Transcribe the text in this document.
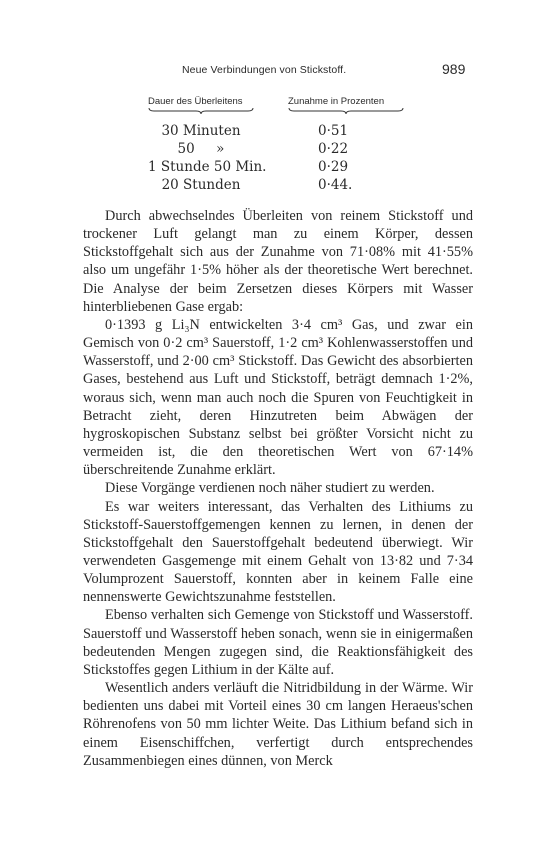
Neue Verbindungen von Stickstoff.	989
Dauer des Überleitens	Zunahme in Prozenten
30 Minuten	0·51
50     »	0·22
1 Stunde 50 Min.	0·29
20 Stunden	0·44.

Durch abwechselndes Überleiten von reinem Stickstoff und trockener Luft gelangt man zu einem Körper, dessen Stickstoffgehalt sich aus der Zunahme von 71·08% mit 41·55% also um ungefähr 1·5% höher als der theoretische Wert berechnet. Die Analyse der beim Zersetzen dieses Körpers mit Wasser hinterbliebenen Gase ergab:

0·1393 g Li₃N entwickelten 3·4 cm³ Gas, und zwar ein Gemisch von 0·2 cm³ Sauerstoff, 1·2 cm³ Kohlenwasserstoffen und Wasserstoff, und 2·00 cm³ Stickstoff. Das Gewicht des absorbierten Gases, bestehend aus Luft und Stickstoff, beträgt demnach 1·2%, woraus sich, wenn man auch noch die Spuren von Feuchtigkeit in Betracht zieht, deren Hinzutreten beim Abwägen der hygroskopischen Substanz selbst bei größter Vorsicht nicht zu vermeiden ist, die den theoretischen Wert von 67·14% überschreitende Zunahme erklärt.

Diese Vorgänge verdienen noch näher studiert zu werden.

Es war weiters interessant, das Verhalten des Lithiums zu Stickstoff-Sauerstoffgemengen kennen zu lernen, in denen der Stickstoffgehalt den Sauerstoffgehalt bedeutend überwiegt. Wir verwendeten Gasgemenge mit einem Gehalt von 13·82 und 7·34 Volumprozent Sauerstoff, konnten aber in keinem Falle eine nennenswerte Gewichtszunahme feststellen.

Ebenso verhalten sich Gemenge von Stickstoff und Wasserstoff. Sauerstoff und Wasserstoff heben sonach, wenn sie in einigermaßen bedeutenden Mengen zugegen sind, die Reaktionsfähigkeit des Stickstoffes gegen Lithium in der Kälte auf.

Wesentlich anders verläuft die Nitridbildung in der Wärme. Wir bedienten uns dabei mit Vorteil eines 30 cm langen Heraeus'schen Röhrenofens von 50 mm lichter Weite. Das Lithium befand sich in einem Eisenschiffchen, verfertigt durch entsprechendes Zusammenbiegen eines dünnen, von Merck
